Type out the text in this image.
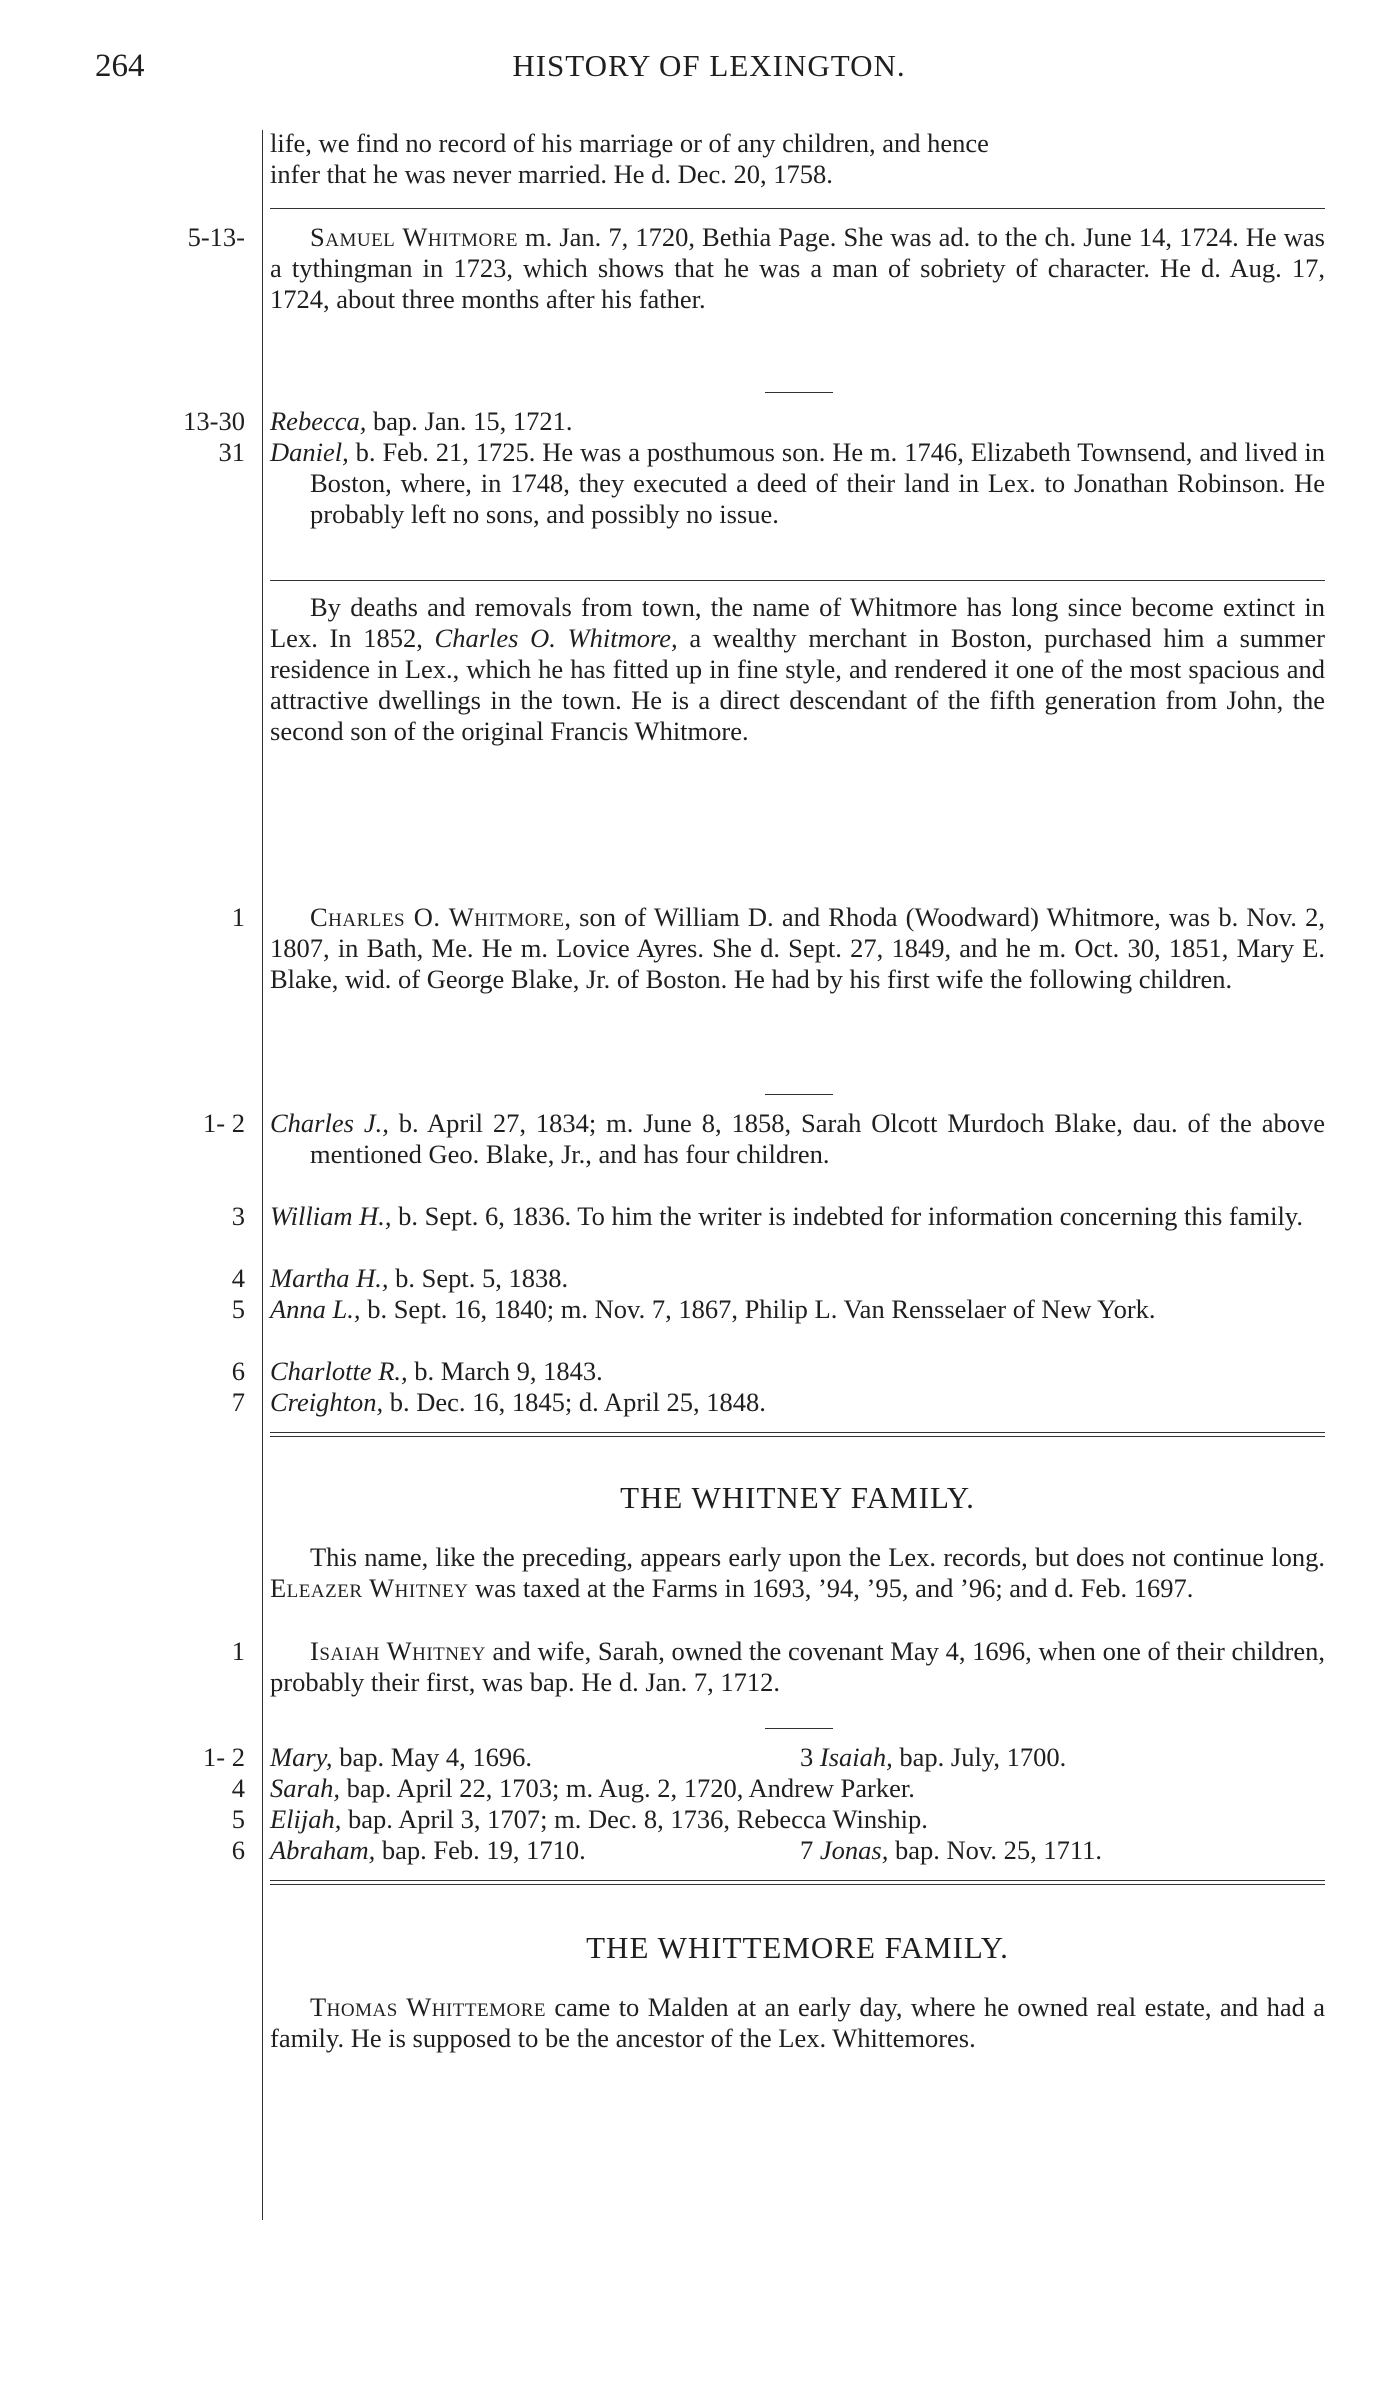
264	HISTORY OF LEXINGTON.
life, we find no record of his marriage or of any children, and hence
infer that he was never married. He d. Dec. 20, 1758.
5-13-	Samuel Whitmore m. Jan. 7, 1720, Bethia Page. She was ad. to the ch. June 14, 1724. He was a tythingman in 1723, which shows that he was a man of sobriety of character. He d. Aug. 17, 1724, about three months after his father.

13-30 Rebecca, bap. Jan. 15, 1721.
31 Daniel, b. Feb. 21, 1725. He was a posthumous son. He m. 1746, Elizabeth Townsend, and lived in Boston, where, in 1748, they executed a deed of their land in Lex. to Jonathan Robinson. He probably left no sons, and possibly no issue.

By deaths and removals from town, the name of Whitmore has long since become extinct in Lex. In 1852, Charles O. Whitmore, a wealthy merchant in Boston, purchased him a summer residence in Lex., which he has fitted up in fine style, and rendered it one of the most spacious and attractive dwellings in the town. He is a direct descendant of the fifth generation from John, the second son of the original Francis Whitmore.

1	Charles O. Whitmore, son of William D. and Rhoda (Woodward) Whitmore, was b. Nov. 2, 1807, in Bath, Me. He m. Lovice Ayres. She d. Sept. 27, 1849, and he m. Oct. 30, 1851, Mary E. Blake, wid. of George Blake, Jr. of Boston. He had by his first wife the following children.

1- 2 Charles J., b. April 27, 1834; m. June 8, 1858, Sarah Olcott Murdoch Blake, dau. of the above mentioned Geo. Blake, Jr., and has four children.
3 William H., b. Sept. 6, 1836. To him the writer is indebted for information concerning this family.
4 Martha H., b. Sept. 5, 1838.
5 Anna L., b. Sept. 16, 1840; m. Nov. 7, 1867, Philip L. Van Rensselaer of New York.
6 Charlotte R., b. March 9, 1843.
7 Creighton, b. Dec. 16, 1845; d. April 25, 1848.
THE WHITNEY FAMILY.

This name, like the preceding, appears early upon the Lex. records, but does not continue long. Eleazer Whitney was taxed at the Farms in 1693, ’94, ’95, and ’96; and d. Feb. 1697.

1	Isaiah Whitney and wife, Sarah, owned the covenant May 4, 1696, when one of their children, probably their first, was bap. He d. Jan. 7, 1712.

1- 2 Mary, bap. May 4, 1696.	3 Isaiah, bap. July, 1700.
4 Sarah, bap. April 22, 1703; m. Aug. 2, 1720, Andrew Parker.
5 Elijah, bap. April 3, 1707; m. Dec. 8, 1736, Rebecca Winship.
6 Abraham, bap. Feb. 19, 1710.	7 Jonas, bap. Nov. 25, 1711.
THE WHITTEMORE FAMILY.

Thomas Whittemore came to Malden at an early day, where he owned real estate, and had a family. He is supposed to be the ancestor of the Lex. Whittemores.
